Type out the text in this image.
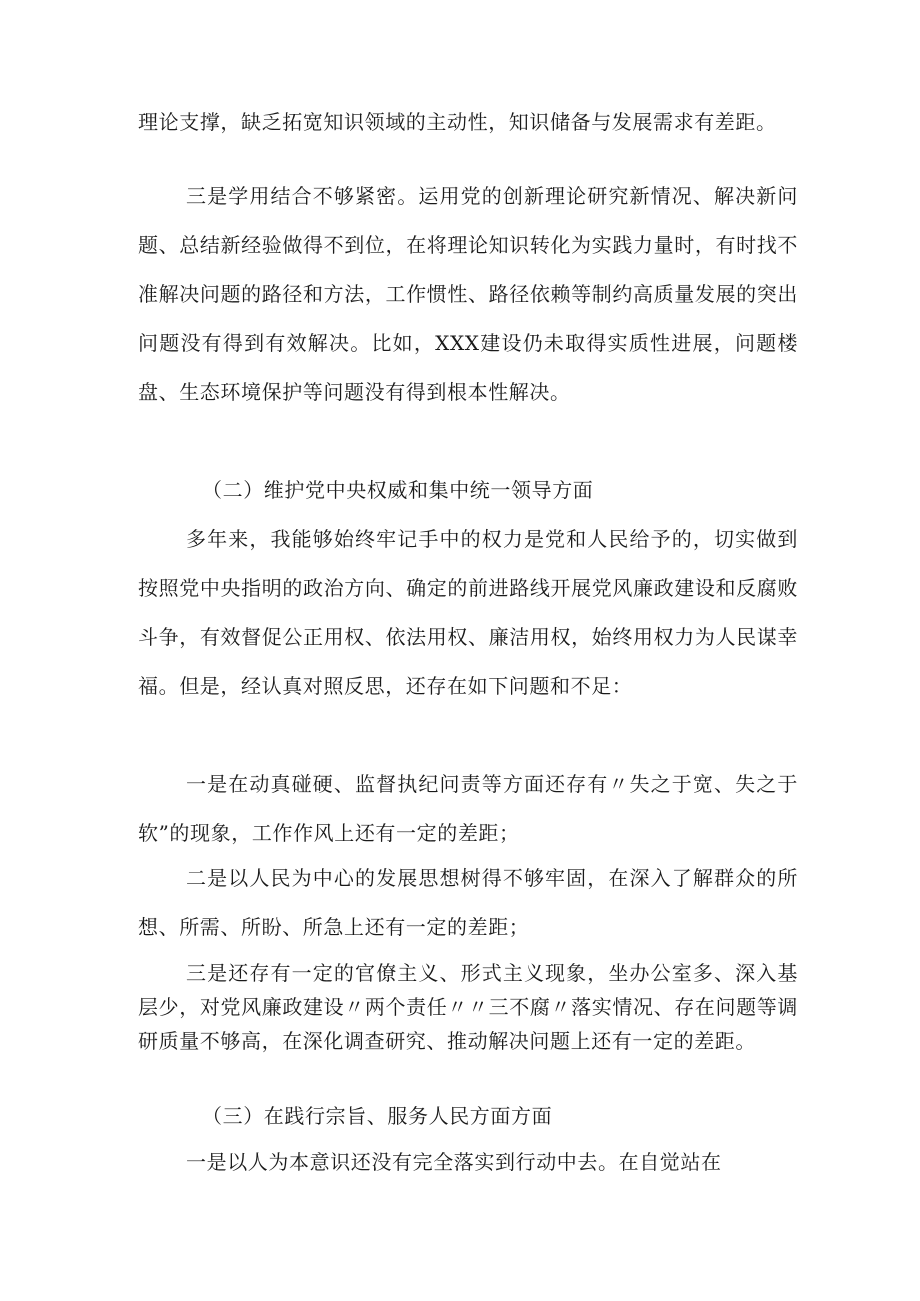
理论支撑，缺乏拓宽知识领域的主动性，知识储备与发展需求有差距。

三是学用结合不够紧密。运用党的创新理论研究新情况、解决新问题、总结新经验做得不到位，在将理论知识转化为实践力量时，有时找不准解决问题的路径和方法，工作惯性、路径依赖等制约高质量发展的突出问题没有得到有效解决。比如，XXX建设仍未取得实质性进展，问题楼盘、生态环境保护等问题没有得到根本性解决。

（二）维护党中央权威和集中统一领导方面

多年来，我能够始终牢记手中的权力是党和人民给予的，切实做到按照党中央指明的政治方向、确定的前进路线开展党风廉政建设和反腐败斗争，有效督促公正用权、依法用权、廉洁用权，始终用权力为人民谋幸福。但是，经认真对照反思，还存在如下问题和不足：

一是在动真碰硬、监督执纪问责等方面还存有〃失之于宽、失之于软”的现象，工作作风上还有一定的差距；

二是以人民为中心的发展思想树得不够牢固，在深入了解群众的所想、所需、所盼、所急上还有一定的差距；

三是还存有一定的官僚主义、形式主义现象，坐办公室多、深入基层少，对党风廉政建设〃两个责任〃〃三不腐〃落实情况、存在问题等调研质量不够高，在深化调查研究、推动解决问题上还有一定的差距。

（三）在践行宗旨、服务人民方面方面

一是以人为本意识还没有完全落实到行动中去。在自觉站在
